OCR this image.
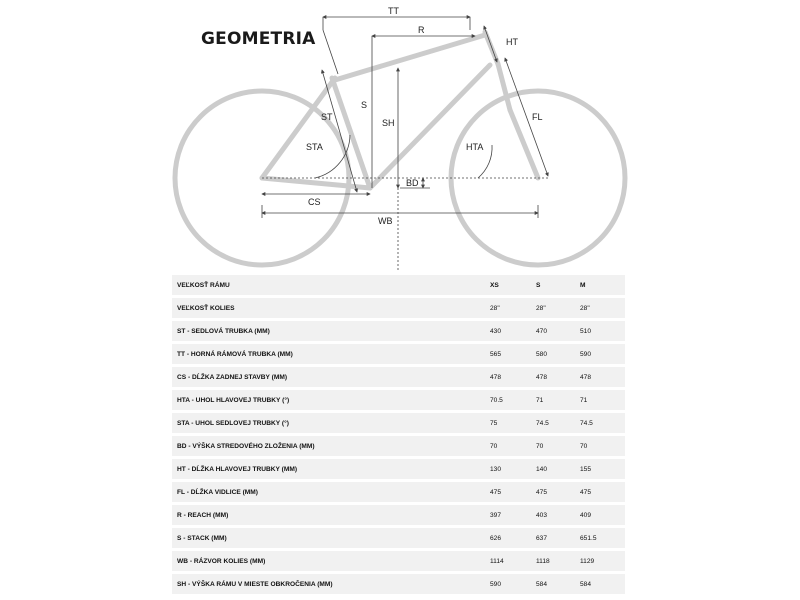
GEOMETRIA
TT
R
HT
S
ST
SH
FL
STA	HTA
BD
CS
WB
VEĽKOSŤ RÁMU	XS	S	M
VEĽKOSŤ KOLIES	28"	28"	28"
ST - SEDLOVÁ TRUBKA (MM)	430	470	510
TT - HORNÁ RÁMOVÁ TRUBKA (MM)	565	580	590
CS - DĹŽKA ZADNEJ STAVBY (MM)	478	478	478
HTA - UHOL HLAVOVEJ TRUBKY (°)	70.5	71	71
STA - UHOL SEDLOVEJ TRUBKY (°)	75	74.5	74.5
BD - VÝŠKA STREDOVÉHO ZLOŽENIA (MM)	70	70	70
HT - DĹŽKA HLAVOVEJ TRUBKY (MM)	130	140	155
FL - DĹŽKA VIDLICE (MM)	475	475	475
R - REACH (MM)	397	403	409
S - STACK (MM)	626	637	651.5
WB - RÁZVOR KOLIES (MM)	1114	1118	1129
SH - VÝŠKA RÁMU V MIESTE OBKROČENIA (MM)	590	584	584
